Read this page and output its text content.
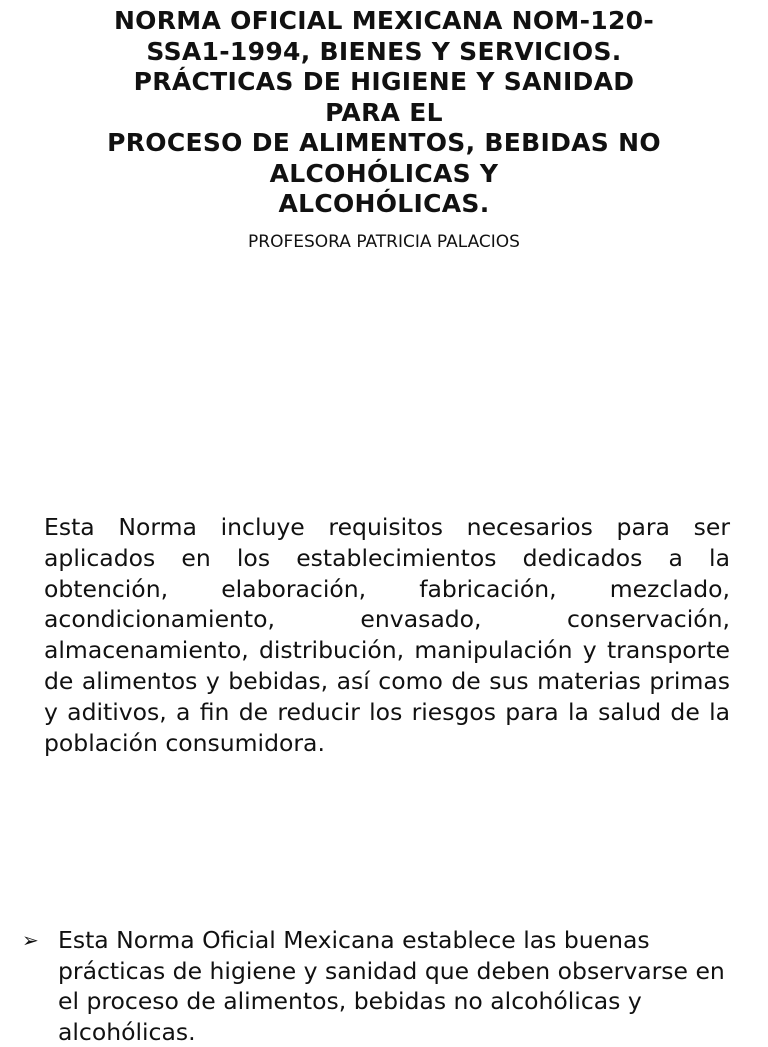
NORMA OFICIAL MEXICANA NOM-120-
SSA1-1994, BIENES Y SERVICIOS.
PRÁCTICAS DE HIGIENE Y SANIDAD
PARA EL
PROCESO DE ALIMENTOS, BEBIDAS NO
ALCOHÓLICAS Y
ALCOHÓLICAS.
PROFESORA PATRICIA PALACIOS

Esta Norma incluye requisitos necesarios para ser aplicados en los establecimientos dedicados a la obtención, elaboración, fabricación, mezclado, acondicionamiento, envasado, conservación, almacenamiento, distribución, manipulación y transporte de alimentos y bebidas, así como de sus materias primas y aditivos, a fin de reducir los riesgos para la salud de la población consumidora.

➢ Esta Norma Oficial Mexicana establece las buenas prácticas de higiene y sanidad que deben observarse en el proceso de alimentos, bebidas no alcohólicas y alcohólicas.
